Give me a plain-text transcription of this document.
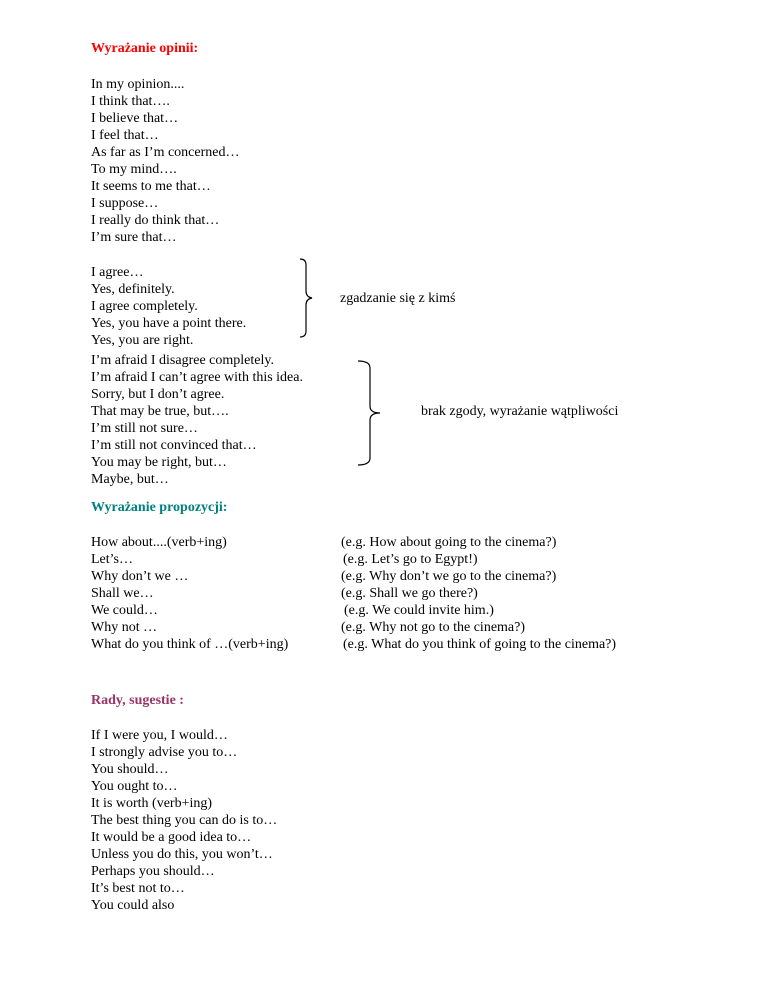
Wyrażanie opinii:
In my opinion....
I think that….
I believe that…
I feel that…
As far as I’m concerned…
To my mind….
It seems to me that…
I suppose…
I really do think that…
I’m sure that…
I agree…
Yes, definitely.
I agree completely.
Yes, you have a point there.
Yes, you are right.
zgadzanie się z kimś
I’m afraid I disagree completely.
I’m afraid I can’t agree with this idea.
Sorry, but I don’t agree.
That may be true, but….
I’m still not sure…
I’m still not convinced that…
You may be right, but…
Maybe, but…
brak zgody, wyrażanie wątpliwości
Wyrażanie propozycji:
How about....(verb+ing)
Let’s…
Why don’t we …
Shall we…
We could…
Why not …
What do you think of …(verb+ing)
(e.g. How about going to the cinema?)
(e.g. Let’s go to Egypt!)
(e.g. Why don’t we go to the cinema?)
(e.g. Shall we go there?)
(e.g. We could invite him.)
(e.g. Why not go to the cinema?)
(e.g. What do you think of going to the cinema?)
Rady, sugestie :
If I were you, I would…
I strongly advise you to…
You should…
You ought to…
It is worth (verb+ing)
The best thing you can do is to…
It would be a good idea to…
Unless you do this, you won’t…
Perhaps you should…
It’s best not to…
You could also
